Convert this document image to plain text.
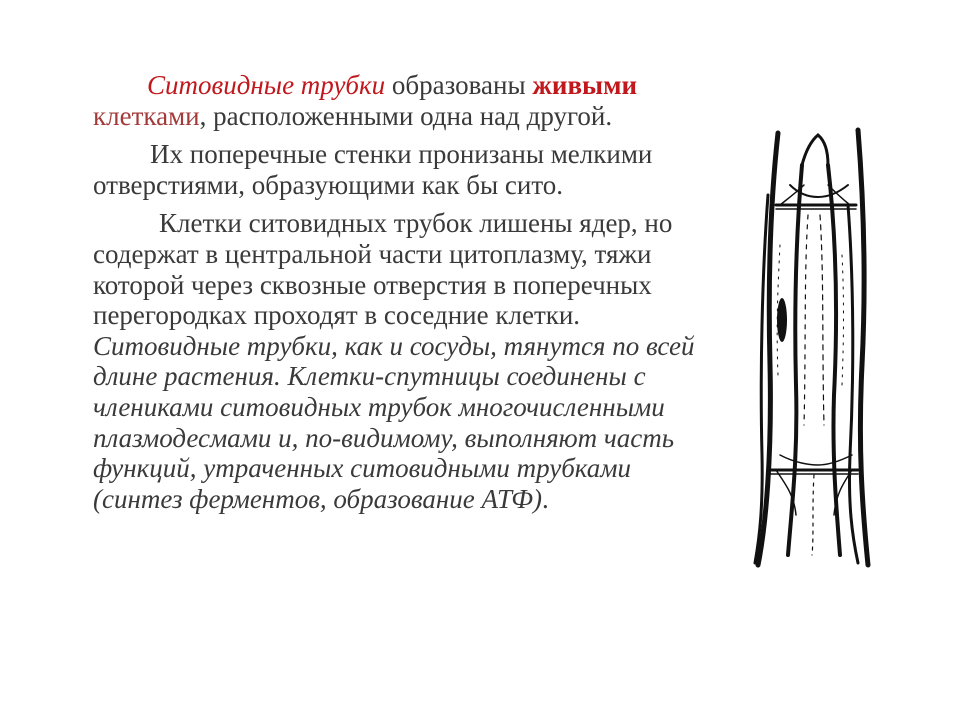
Ситовидные трубки образованы живыми клетками, расположенными одна над другой.

Их поперечные стенки пронизаны мелкими отверстиями, образующими как бы сито.

Клетки ситовидных трубок лишены ядер, но содержат в центральной части цитоплазму, тяжи которой через сквозные отверстия в поперечных перегородках проходят в соседние клетки. Ситовидные трубки, как и сосуды, тянутся по всей длине растения. Клетки-спутницы соединены с члениками ситовидных трубок многочисленными плазмодесмами и, по-видимому, выполняют часть функций, утраченных ситовидными трубками (синтез ферментов, образование АТФ).
